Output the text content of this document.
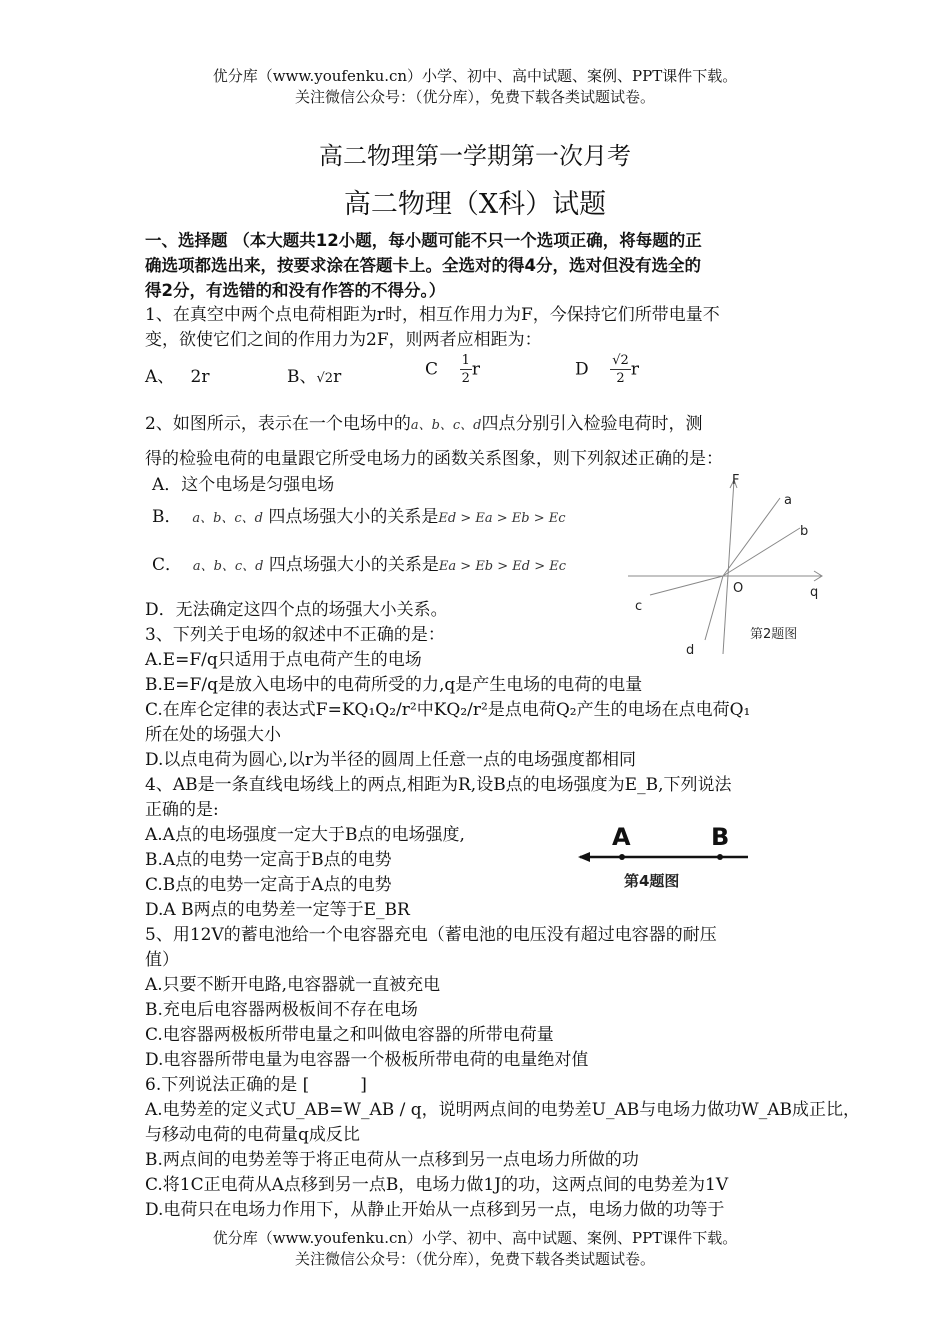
优分库（www.youfenku.cn）小学、初中、高中试题、案例、PPT课件下载。
关注微信公众号：（优分库），免费下载各类试题试卷。
高二物理第一学期第一次月考
高二物理（X科）试题
一、选择题 （本大题共12小题，每小题可能不只一个选项正确，将每题的正
确选项都选出来，按要求涂在答题卡上。全选对的得4分，选对但没有选全的
得2分，有选错的和没有作答的不得分。）
1、在真空中两个点电荷相距为r时，相互作用力为F，今保持它们所带电量不
变，欲使它们之间的作用力为2F，则两者应相距为：
A、 2r	B、√2r	C $\frac{1}{2}r$	D $\frac{√2}{2}r$
2、如图所示，表示在一个电场中的a、b、c、d四点分别引入检验电荷时，测
得的检验电荷的电量跟它所受电场力的函数关系图象，则下列叙述正确的是：
A．这个电场是匀强电场
B． a、b、c、d 四点场强大小的关系是Ed > Ea > Eb > Ec
C． a、b、c、d 四点场强大小的关系是Ea > Eb > Ed > Ec
D．无法确定这四个点的场强大小关系。
F
a
b
O	q
c
d
第2题图
3、下列关于电场的叙述中不正确的是：
A.E=F/q只适用于点电荷产生的电场
B.E=F/q是放入电场中的电荷所受的力,q是产生电场的电荷的电量
C.在库仑定律的表达式F=KQ₁Q₂/r²中KQ₂/r²是点电荷Q₂产生的电场在点电荷Q₁
所在处的场强大小
D.以点电荷为圆心,以r为半径的圆周上任意一点的电场强度都相同
4、AB是一条直线电场线上的两点,相距为R,设B点的电场强度为E_B,下列说法
正确的是:
A.A点的电场强度一定大于B点的电场强度,
B.A点的电势一定高于B点的电势
C.B点的电势一定高于A点的电势
D.A B两点的电势差一定等于E_BR
A	B
第4题图
5、用12V的蓄电池给一个电容器充电（蓄电池的电压没有超过电容器的耐压
值）
A.只要不断开电路,电容器就一直被充电
B.充电后电容器两极板间不存在电场
C.电容器两极板所带电量之和叫做电容器的所带电荷量
D.电容器所带电量为电容器一个极板所带电荷的电量绝对值
6.下列说法正确的是 [　　　]
A.电势差的定义式U_AB=W_AB / q，说明两点间的电势差U_AB与电场力做功W_AB成正比，
与移动电荷的电荷量q成反比
B.两点间的电势差等于将正电荷从一点移到另一点电场力所做的功
C.将1C正电荷从A点移到另一点B，电场力做1J的功，这两点间的电势差为1V
D.电荷只在电场力作用下，从静止开始从一点移到另一点，电场力做的功等于
优分库（www.youfenku.cn）小学、初中、高中试题、案例、PPT课件下载。
关注微信公众号：（优分库），免费下载各类试题试卷。
